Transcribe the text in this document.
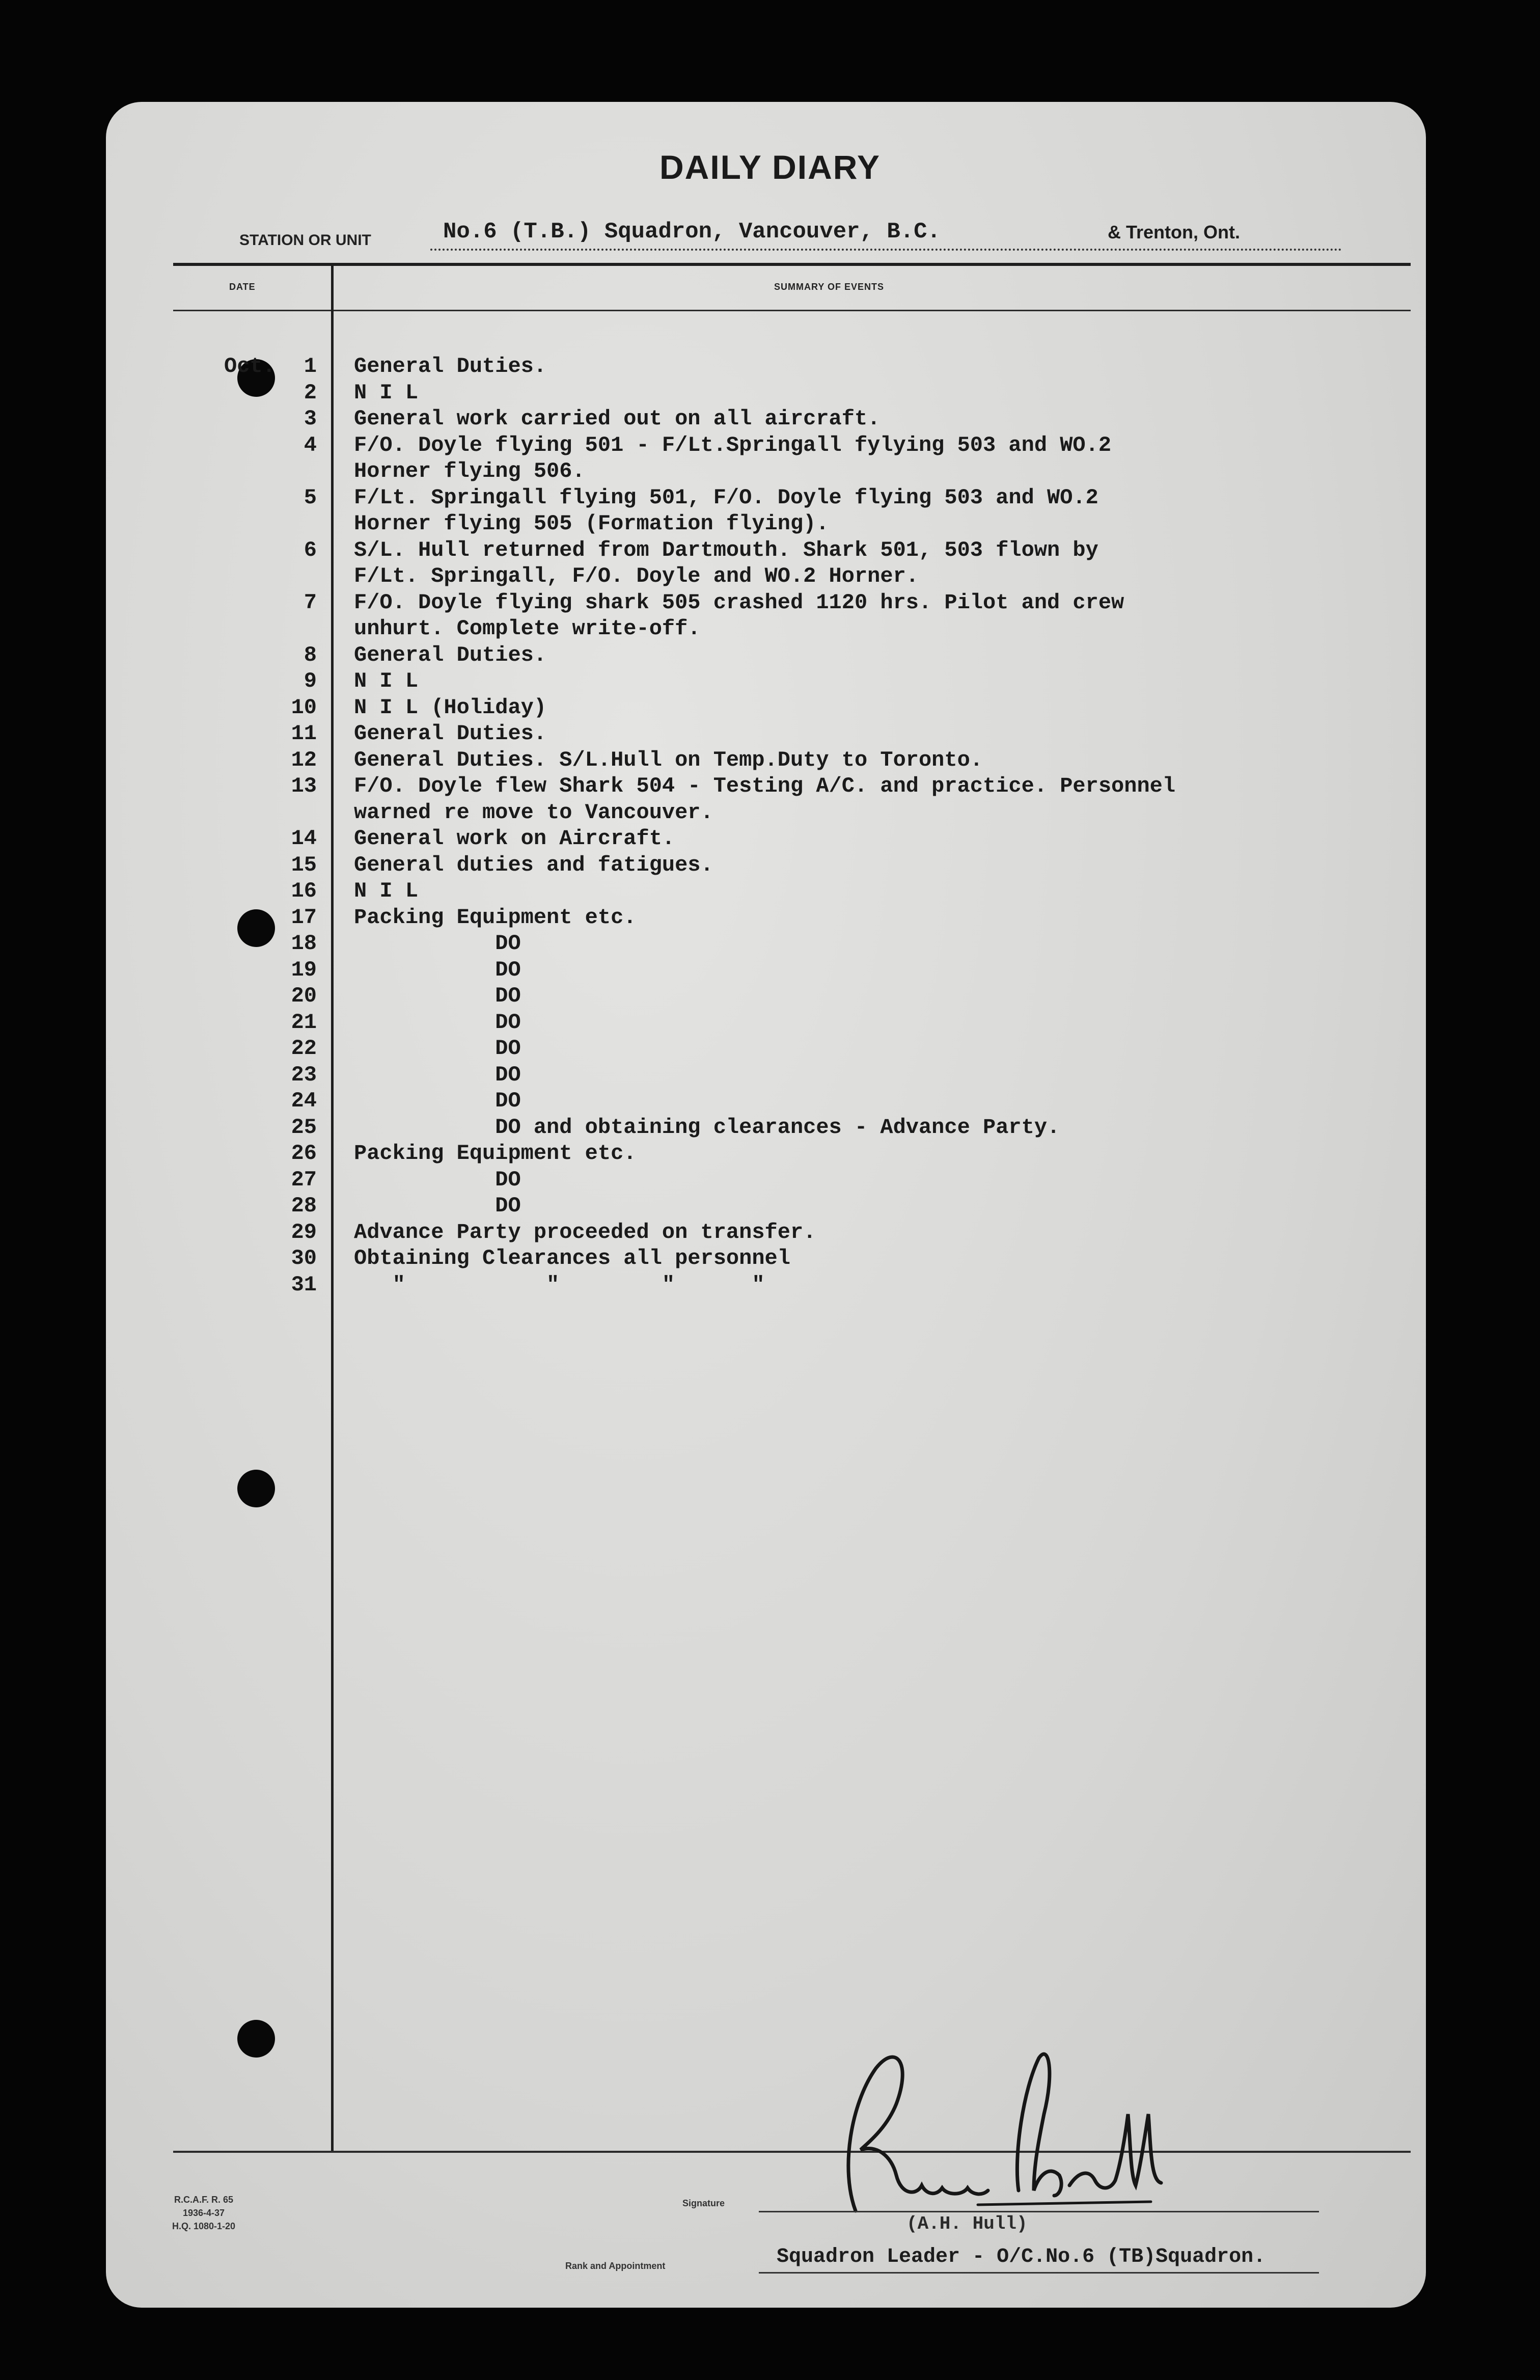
DAILY DIARY
STATION OR UNIT	No.6 (T.B.) Squadron, Vancouver, B.C.	& Trenton, Ont.
DATE	SUMMARY OF EVENTS
Oct.	1 General Duties.
2 N I L
3 General work carried out on all aircraft.
4 F/O. Doyle flying 501 - F/Lt.Springall fylying 503 and WO.2
Horner flying 506.
5 F/Lt. Springall flying 501, F/O. Doyle flying 503 and WO.2
Horner flying 505 (Formation flying).
6 S/L. Hull returned from Dartmouth. Shark 501, 503 flown by
F/Lt. Springall, F/O. Doyle and WO.2 Horner.
7 F/O. Doyle flying shark 505 crashed 1120 hrs. Pilot and crew
unhurt. Complete write-off.
8 General Duties.
9 N I L
10 N I L (Holiday)
11 General Duties.
12 General Duties. S/L.Hull on Temp.Duty to Toronto.
13 F/O. Doyle flew Shark 504 - Testing A/C. and practice. Personnel
warned re move to Vancouver.
14 General work on Aircraft.
15 General duties and fatigues.
16 N I L
17 Packing Equipment etc.
18 DO
19 DO
20 DO
21 DO
22 DO
23 DO
24 DO
25 DO and obtaining clearances - Advance Party.
26 Packing Equipment etc.
27 DO
28 DO
29 Advance Party proceeded on transfer.
30 Obtaining Clearances all personnel
31 "           "        "      "
R.C.A.F. R. 65
1936-4-37
H.Q. 1080-1-20
Signature
(A.H. Hull)
Rank and Appointment	Squadron Leader - O/C.No.6 (TB)Squadron.
